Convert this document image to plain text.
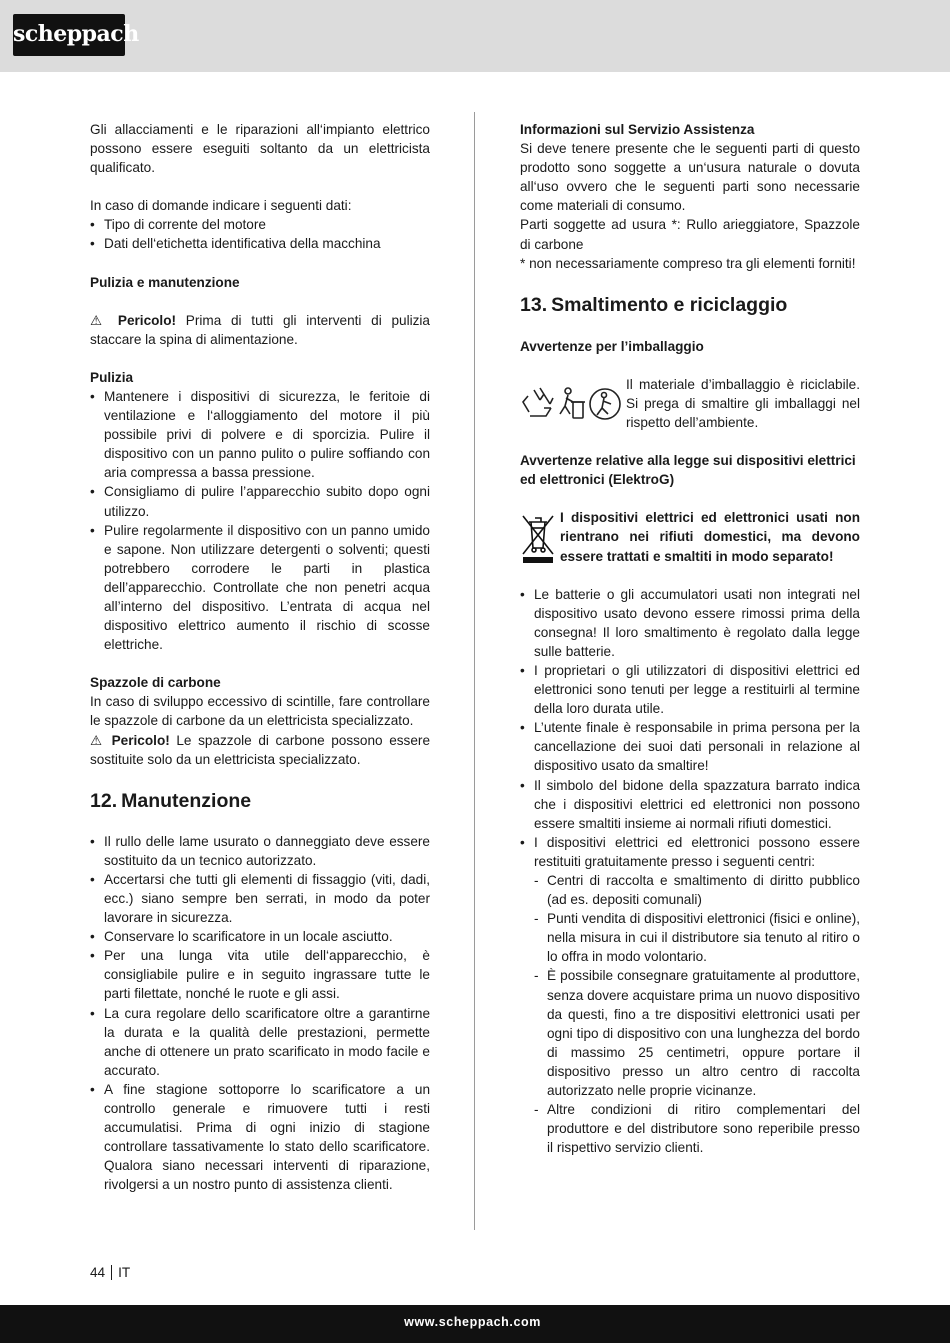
scheppach

Gli allacciamenti e le riparazioni all‘impianto elettrico possono essere eseguiti soltanto da un elettricista qualificato.

In caso di domande indicare i seguenti dati:

• Tipo di corrente del motore
• Dati dell‘etichetta identificativa della macchina

Pulizia e manutenzione

⚠ Pericolo! Prima di tutti gli interventi di pulizia staccare la spina di alimentazione.

Pulizia

• Mantenere i dispositivi di sicurezza, le feritoie di ventilazione e l‘alloggiamento del motore il più possibile privi di polvere e di sporcizia. Pulire il dispositivo con un panno pulito o pulire soffiando con aria compressa a bassa pressione.
• Consigliamo di pulire l’apparecchio subito dopo ogni utilizzo.
• Pulire regolarmente il dispositivo con un panno umido e sapone. Non utilizzare detergenti o solventi; questi potrebbero corrodere le parti in plastica dell’apparecchio. Controllate che non penetri acqua all’interno del dispositivo. L’entrata di acqua nel dispositivo elettrico aumento il rischio di scosse elettriche.

Spazzole di carbone

In caso di sviluppo eccessivo di scintille, fare controllare le spazzole di carbone da un elettricista specializzato.

⚠ Pericolo! Le spazzole di carbone possono essere sostituite solo da un elettricista specializzato.

12. Manutenzione
• Il rullo delle lame usurato o danneggiato deve essere sostituito da un tecnico autorizzato.
• Accertarsi che tutti gli elementi di fissaggio (viti, dadi, ecc.) siano sempre ben serrati, in modo da poter lavorare in sicurezza.
• Conservare lo scarificatore in un locale asciutto.
• Per una lunga vita utile dell‘apparecchio, è consigliabile pulire e in seguito ingrassare tutte le parti filettate, nonché le ruote e gli assi.
• La cura regolare dello scarificatore oltre a garantirne la durata e la qualità delle prestazioni, permette anche di ottenere un prato scarificato in modo facile e accurato.
• A fine stagione sottoporre lo scarificatore a un controllo generale e rimuovere tutti i resti accumulatisi. Prima di ogni inizio di stagione controllare tassativamente lo stato dello scarificatore. Qualora siano necessari interventi di riparazione, rivolgersi a un nostro punto di assistenza clienti.

Informazioni sul Servizio Assistenza

Si deve tenere presente che le seguenti parti di questo prodotto sono soggette a un‘usura naturale o dovuta all‘uso ovvero che le seguenti parti sono necessarie come materiali di consumo.

Parti soggette ad usura *: Rullo arieggiatore, Spazzole di carbone

* non necessariamente compreso tra gli elementi forniti!

13. Smaltimento e riciclaggio

Avvertenze per l’imballaggio

Il materiale d’imballaggio è riciclabile. Si prega di smaltire gli imballaggi nel rispetto dell’ambiente.

Avvertenze relative alla legge sui dispositivi elettrici ed elettronici (ElektroG)

I dispositivi elettrici ed elettronici usati non rientrano nei rifiuti domestici, ma devono essere trattati e smaltiti in modo separato!

• Le batterie o gli accumulatori usati non integrati nel dispositivo usato devono essere rimossi prima della consegna! Il loro smaltimento è regolato dalla legge sulle batterie.
• I proprietari o gli utilizzatori di dispositivi elettrici ed elettronici sono tenuti per legge a restituirli al termine della loro durata utile.
• L’utente finale è responsabile in prima persona per la cancellazione dei suoi dati personali in relazione al dispositivo usato da smaltire!
• Il simbolo del bidone della spazzatura barrato indica che i dispositivi elettrici ed elettronici non possono essere smaltiti insieme ai normali rifiuti domestici.
• I dispositivi elettrici ed elettronici possono essere restituiti gratuitamente presso i seguenti centri:
- Centri di raccolta e smaltimento di diritto pubblico (ad es. depositi comunali)
- Punti vendita di dispositivi elettronici (fisici e online), nella misura in cui il distributore sia tenuto al ritiro o lo offra in modo volontario.
- È possibile consegnare gratuitamente al produttore, senza dovere acquistare prima un nuovo dispositivo da questi, fino a tre dispositivi elettronici usati per ogni tipo di dispositivo con una lunghezza del bordo di massimo 25 centimetri, oppure portare il dispositivo presso un altro centro di raccolta autorizzato nelle proprie vicinanze.
- Altre condizioni di ritiro complementari del produttore e del distributore sono reperibile presso il rispettivo servizio clienti.
44 IT
www.scheppach.com
